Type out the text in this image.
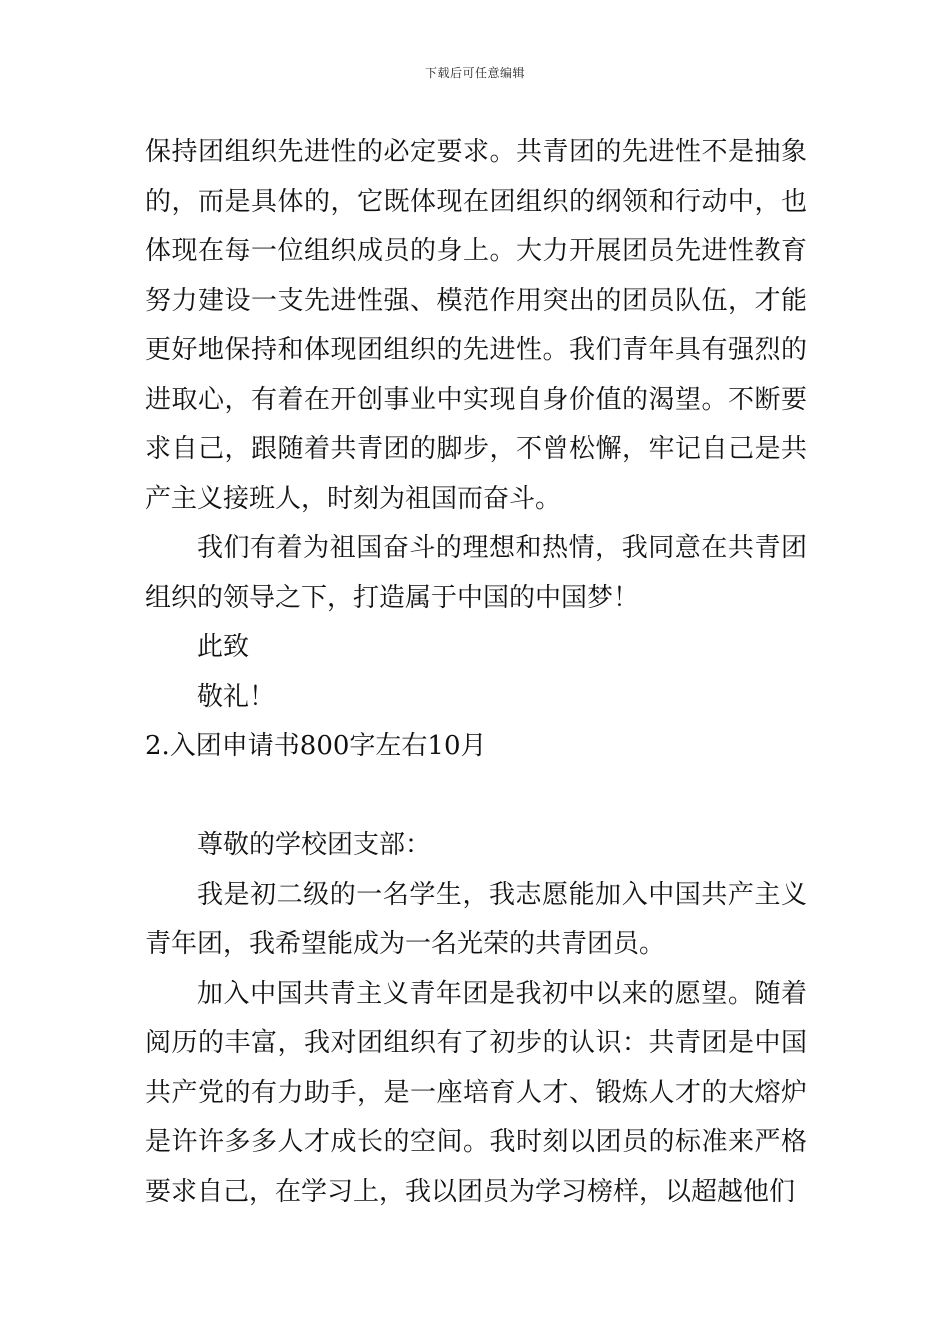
下载后可任意编辑

保持团组织先进性的必定要求。共青团的先进性不是抽象的，而是具体的，它既体现在团组织的纲领和行动中，也体现在每一位组织成员的身上。大力开展团员先进性教育努力建设一支先进性强、模范作用突出的团员队伍，才能更好地保持和体现团组织的先进性。我们青年具有强烈的进取心，有着在开创事业中实现自身价值的渴望。不断要求自己，跟随着共青团的脚步，不曾松懈，牢记自己是共产主义接班人，时刻为祖国而奋斗。

我们有着为祖国奋斗的理想和热情，我同意在共青团组织的领导之下，打造属于中国的中国梦！

此致

敬礼！

2.入团申请书800字左右10月

尊敬的学校团支部：

我是初二级的一名学生，我志愿能加入中国共产主义青年团，我希望能成为一名光荣的共青团员。

加入中国共青主义青年团是我初中以来的愿望。随着阅历的丰富，我对团组织有了初步的认识：共青团是中国共产党的有力助手，是一座培育人才、锻炼人才的大熔炉是许许多多人才成长的空间。我时刻以团员的标准来严格要求自己，在学习上，我以团员为学习榜样，以超越他们
